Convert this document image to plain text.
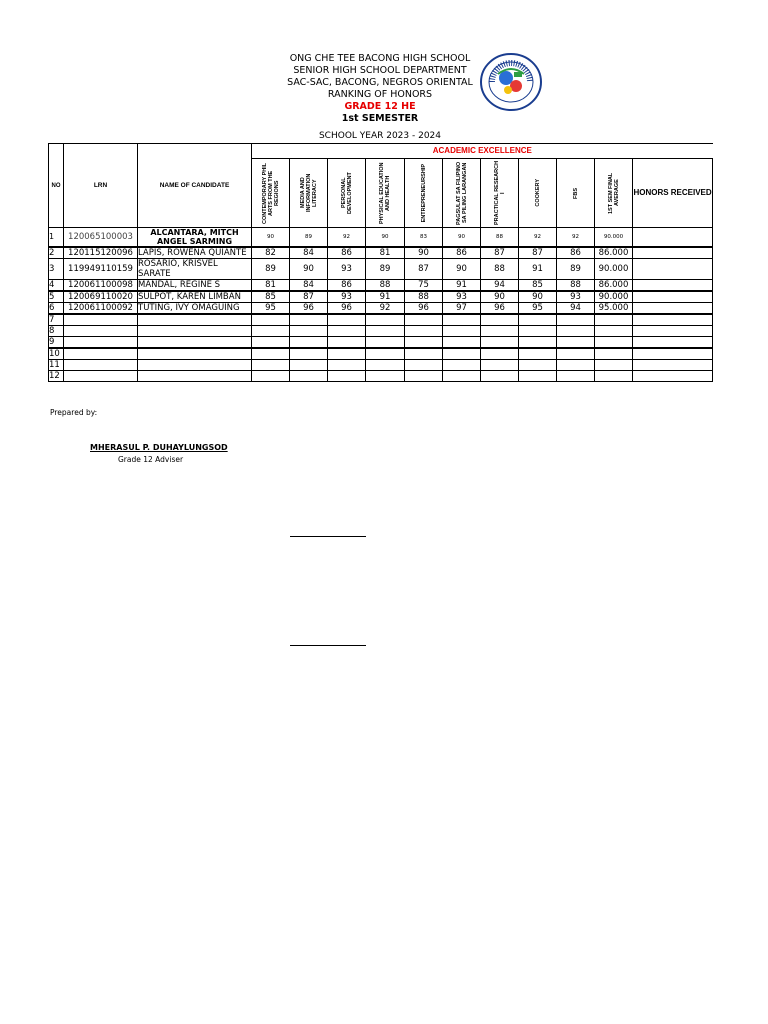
ONG CHE TEE BACONG HIGH SCHOOL
SENIOR HIGH SCHOOL DEPARTMENT
SAC-SAC, BACONG, NEGROS ORIENTAL
RANKING OF HONORS
GRADE 12 HE
1st SEMESTER
SCHOOL YEAR 2023 - 2024
NO	LRN	NAME OF CANDIDATE	ACADEMIC EXCELLENCE										

			CONTEMPORARY PHIL ARTS FROM THE REGIONS	MEDIA AND INFORMATION LITERACY	PERSONAL DEVELOPMENT	PHYSICAL EDUCATION AND HEALTH	ENTREPRENEURSHIP	PAGSULAT SA FILIPINO SA PILING LARANGAN	PRACTICAL RESEARCH I	COOKERY	FBS	1ST SEM FINAL AVERAGE	HONORS RECEIVED
1	120065100003	ALCANTARA, MITCH ANGEL SARMING	90	89	92	90	83	90	88	92	92	90.000	
2	120115120096	LAPIS, ROWENA QUIANTE	82	84	86	81	90	86	87	87	86	86.000	
3	119949110159	ROSARIO, KRISVEL SARATE	89	90	93	89	87	90	88	91	89	90.000	
4	120061100098	MANDAL, REGINE S	81	84	86	88	75	91	94	85	88	86.000	
5	120069110020	SULPOT, KAREN LIMBAN	85	87	93	91	88	93	90	90	93	90.000	
6	120061100092	TUTING, IVY OMAGUING	95	96	96	92	96	97	96	95	94	95.000	
7													
8													
9													
10													
11													
12													
Prepared by:
MHERASUL P. DUHAYLUNGSOD
Grade 12 Adviser
